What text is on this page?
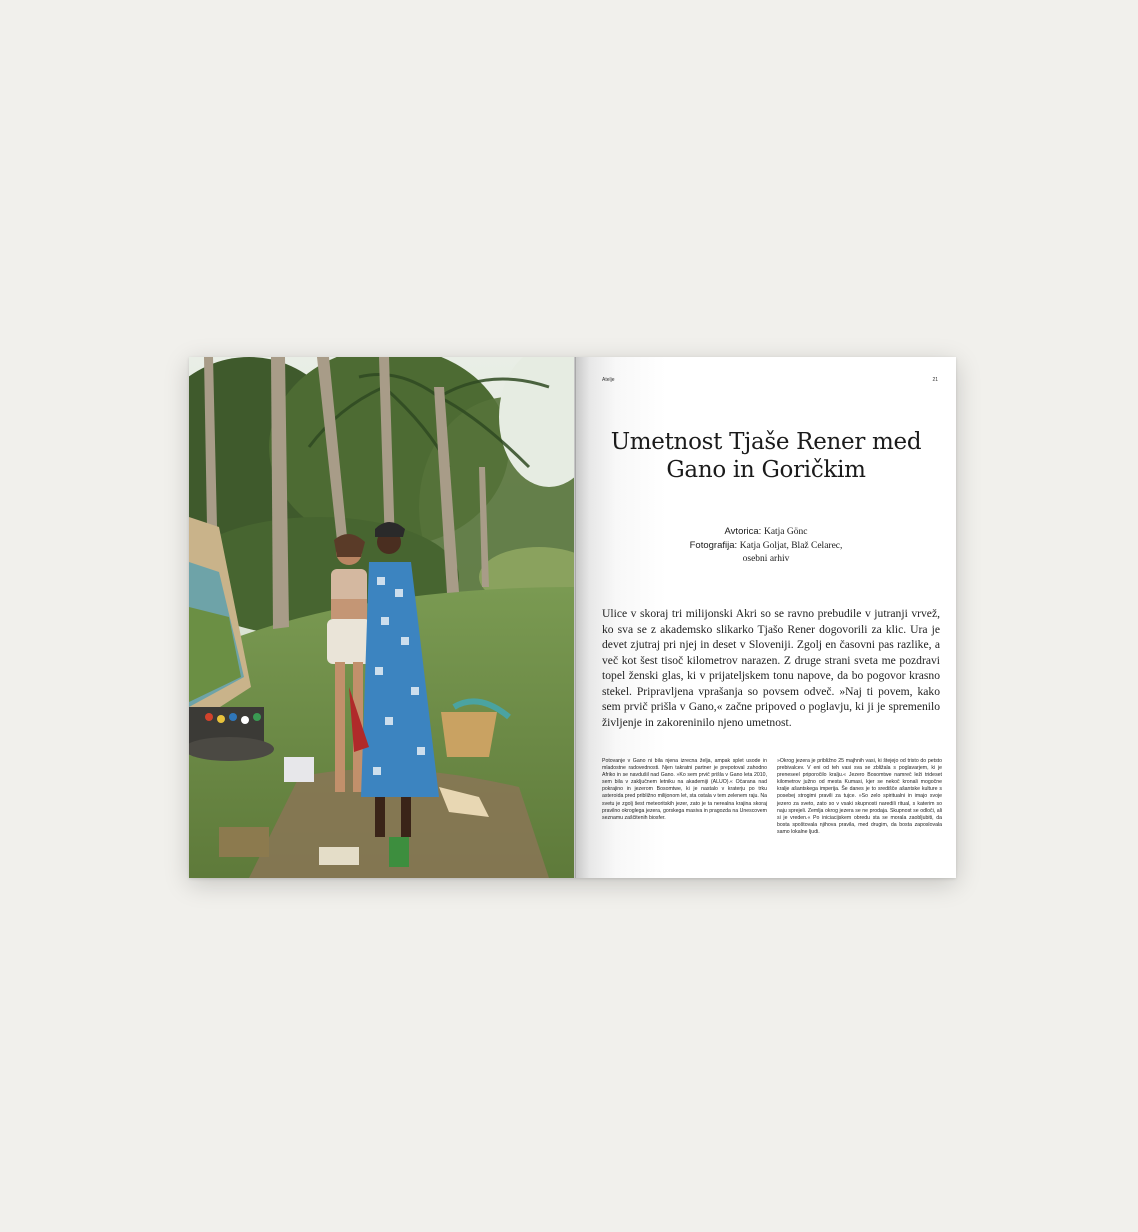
Atelje	21
Umetnost Tjaše Rener med
Gano in Goričkim
Avtorica: Katja Gönc
Fotografija: Katja Goljat, Blaž Celarec,
osebni arhiv
Ulice v skoraj tri milijonski Akri so se ravno prebudile v jutranji vrvež, ko sva se z akademsko slikarko Tjašo Rener dogovorili za klic. Ura je devet zjutraj pri njej in deset v Sloveniji. Zgolj en časovni pas razlike, a več kot šest tisoč kilometrov narazen. Z druge strani sveta me pozdravi topel ženski glas, ki v prijateljskem tonu napove, da bo pogovor krasno stekel. Pripravljena vprašanja so povsem odveč. »Naj ti povem, kako sem prvič prišla v Gano,« začne pripoved o poglavju, ki ji je spremenilo življenje in zakoreninilo njeno umetnost.
Potovanje v Gano ni bila njena izrecna želja, ampak splet usode in mladostne radovednosti. Njen takratni partner je prepotoval zahodno Afriko in se navdušil nad Gano. »Ko sem prvič prišla v Gano leta 2010, sem bila v zaključnem letniku na akademiji (ALUO).« Očarana nad pokrajino in jezerom Bosomtwe, ki je nastalo v kraterju po trku asteroida pred približno milijonom let, sta ostala v tem zelenem raju. Na svetu je zgolj šest meteoritskih jezer, zato je ta nerealna krajina skoraj pravilno okroglega jezera, gorskega masiva in pragozda na Unescovem seznamu zaščitenih biosfer.
»Okrog jezera je približno 25 majhnih vasi, ki štejejo od tristo do petsto prebivalcev. V eni od teh vasi sva se zbližala s poglavarjem, ki je preneseel priporočilo kralju.« Jezero Bosomtwe namreč leži trideset kilometrov južno od mesta Kumasi, kjer se nekoč kronali mogočne kralje ašantskega imperija. Še danes je to središče ašantske kulture s posebej strogimi pravili za tujce. »So zelo spiritualni in imajo svoje jezero za sveto, zato so v vsaki skupnosti naredili ritual, s katerim so naju sprejeli. Zemlja okrog jezera se ne prodaja. Skupnost se odloči, ali si je vreden.« Po iniciacijskem obredu sta se morala zaobljubiti, da bosta spoštovala njihova pravila, med drugim, da bosta zaposlovala samo lokalne ljudi.
